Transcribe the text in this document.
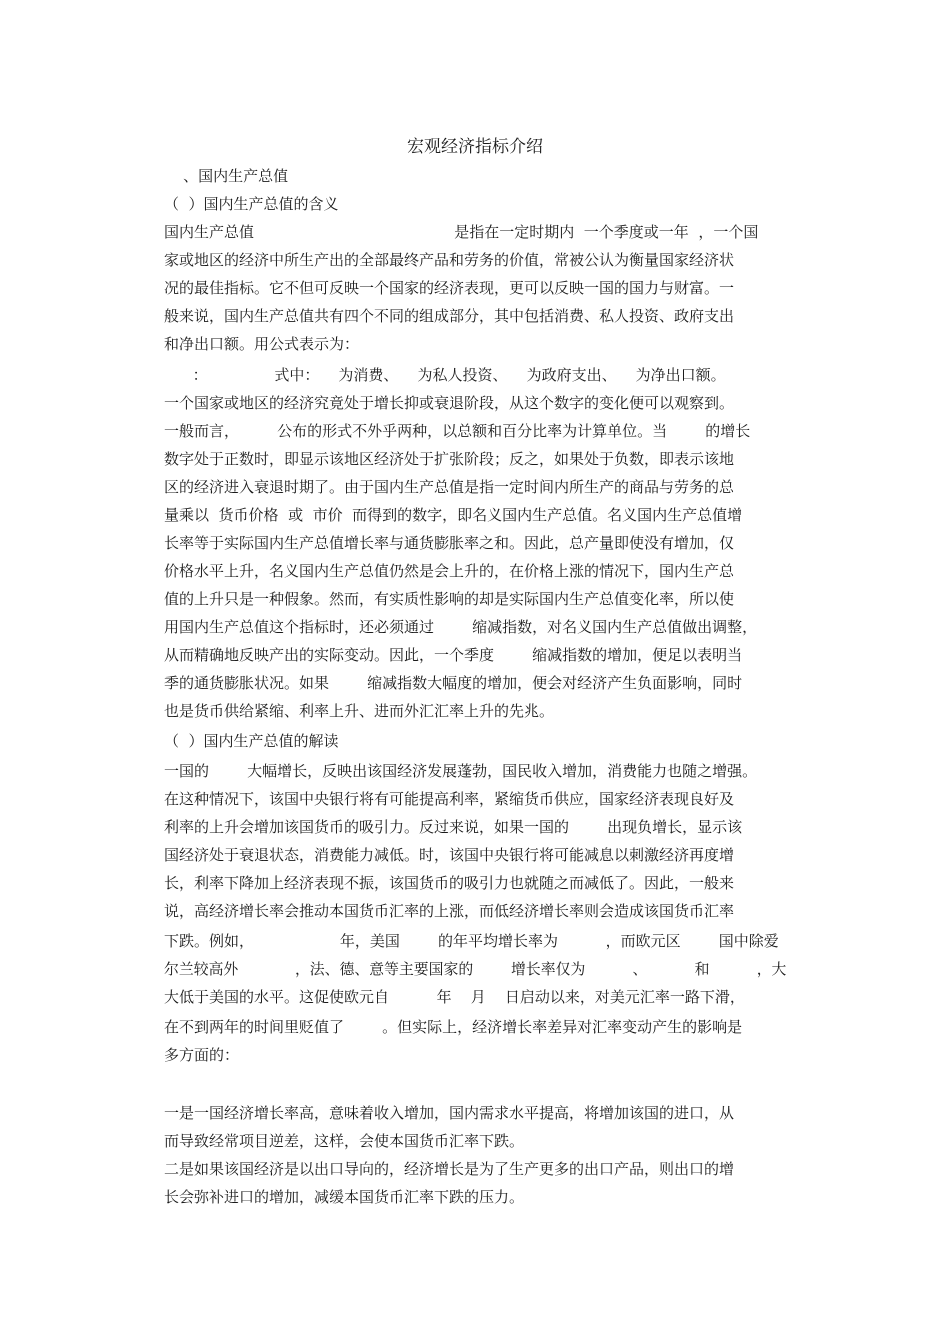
宏观经济指标介绍
、国内生产总值
（  ）国内生产总值的含义
国内生产总值                                          是指在一定时期内  一个季度或一年  ，一个国
家或地区的经济中所生产出的全部最终产品和劳务的价值，常被公认为衡量国家经济状
况的最佳指标。它不但可反映一个国家的经济表现，更可以反映一国的国力与财富。一
般来说，国内生产总值共有四个不同的组成部分，其中包括消费、私人投资、政府支出
和净出口额。用公式表示为：
：              式中：    为消费、    为私人投资、    为政府支出、    为净出口额。
一个国家或地区的经济究竟处于增长抑或衰退阶段，从这个数字的变化便可以观察到。
一般而言，        公布的形式不外乎两种，以总额和百分比率为计算单位。当        的增长
数字处于正数时，即显示该地区经济处于扩张阶段；反之，如果处于负数，即表示该地
区的经济进入衰退时期了。由于国内生产总值是指一定时间内所生产的商品与劳务的总
量乘以  货币价格  或  市价  而得到的数字，即名义国内生产总值。名义国内生产总值增
长率等于实际国内生产总值增长率与通货膨胀率之和。因此，总产量即使没有增加，仅
价格水平上升，名义国内生产总值仍然是会上升的，在价格上涨的情况下，国内生产总
值的上升只是一种假象。然而，有实质性影响的却是实际国内生产总值变化率，所以使
用国内生产总值这个指标时，还必须通过        缩减指数，对名义国内生产总值做出调整，
从而精确地反映产出的实际变动。因此，一个季度        缩减指数的增加，便足以表明当
季的通货膨胀状况。如果        缩减指数大幅度的增加，便会对经济产生负面影响，同时
也是货币供给紧缩、利率上升、进而外汇汇率上升的先兆。
（  ）国内生产总值的解读
一国的        大幅增长，反映出该国经济发展蓬勃，国民收入增加，消费能力也随之增强。
在这种情况下，该国中央银行将有可能提高利率，紧缩货币供应，国家经济表现良好及
利率的上升会增加该国货币的吸引力。反过来说，如果一国的        出现负增长，显示该
国经济处于衰退状态，消费能力减低。时，该国中央银行将可能减息以刺激经济再度增
长，利率下降加上经济表现不振，该国货币的吸引力也就随之而减低了。因此，一般来
说，高经济增长率会推动本国货币汇率的上涨，而低经济增长率则会造成该国货币汇率
下跌。例如，                  年，美国        的年平均增长率为          ，而欧元区        国中除爱
尔兰较高外            ，法、德、意等主要国家的        增长率仅为          、          和          ，大
大低于美国的水平。这促使欧元自          年    月    日启动以来，对美元汇率一路下滑，
在不到两年的时间里贬值了        。但实际上，经济增长率差异对汇率变动产生的影响是
多方面的：
一是一国经济增长率高，意味着收入增加，国内需求水平提高，将增加该国的进口，从
而导致经常项目逆差，这样，会使本国货币汇率下跌。
二是如果该国经济是以出口导向的，经济增长是为了生产更多的出口产品，则出口的增
长会弥补进口的增加，减缓本国货币汇率下跌的压力。
